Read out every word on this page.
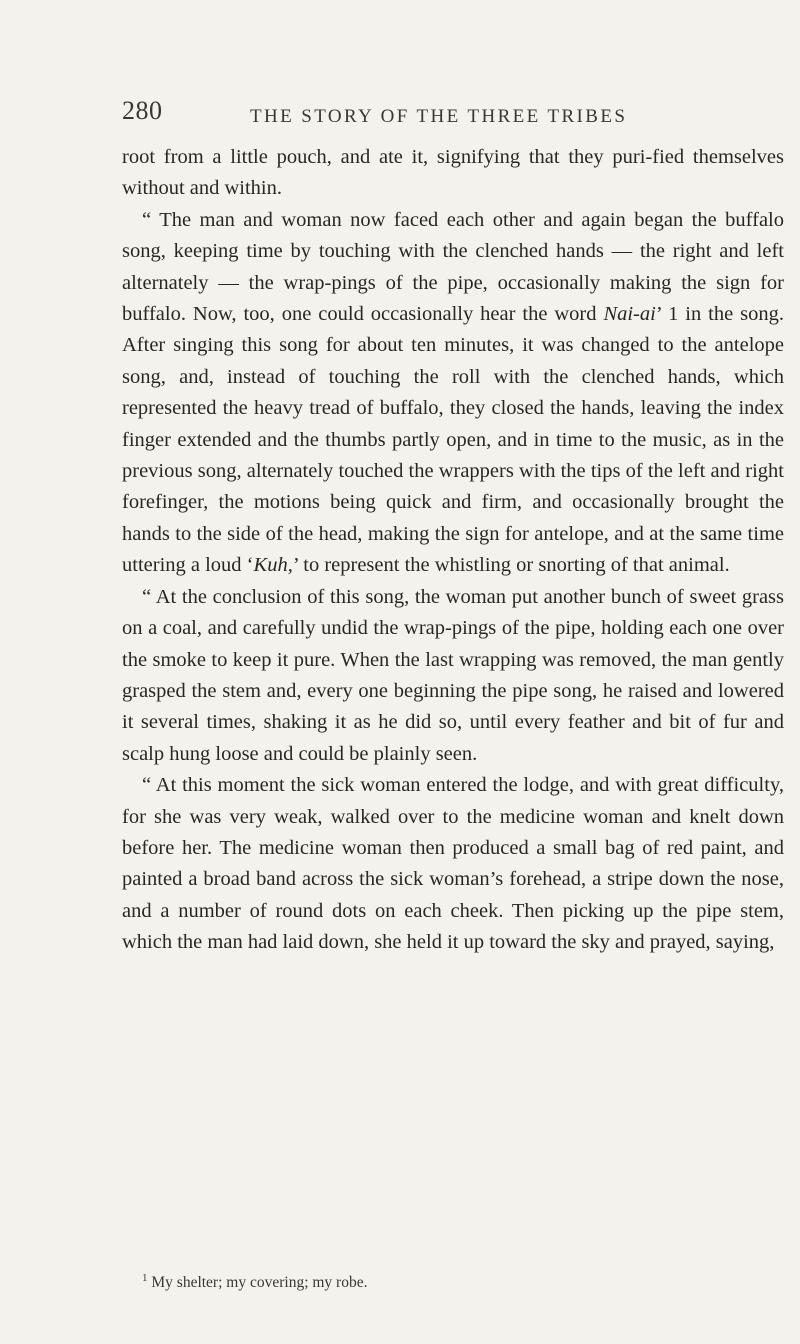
280	THE STORY OF THE THREE TRIBES

root from a little pouch, and ate it, signifying that they puri-fied themselves without and within.

“ The man and woman now faced each other and again began the buffalo song, keeping time by touching with the clenched hands — the right and left alternately — the wrap-pings of the pipe, occasionally making the sign for buffalo. Now, too, one could occasionally hear the word Nai-ai’ 1 in the song. After singing this song for about ten minutes, it was changed to the antelope song, and, instead of touching the roll with the clenched hands, which represented the heavy tread of buffalo, they closed the hands, leaving the index finger extended and the thumbs partly open, and in time to the music, as in the previous song, alternately touched the wrappers with the tips of the left and right forefinger, the motions being quick and firm, and occasionally brought the hands to the side of the head, making the sign for antelope, and at the same time uttering a loud ‘Kuh,’ to represent the whistling or snorting of that animal.

“ At the conclusion of this song, the woman put another bunch of sweet grass on a coal, and carefully undid the wrap-pings of the pipe, holding each one over the smoke to keep it pure. When the last wrapping was removed, the man gently grasped the stem and, every one beginning the pipe song, he raised and lowered it several times, shaking it as he did so, until every feather and bit of fur and scalp hung loose and could be plainly seen.

“ At this moment the sick woman entered the lodge, and with great difficulty, for she was very weak, walked over to the medicine woman and knelt down before her. The medicine woman then produced a small bag of red paint, and painted a broad band across the sick woman’s forehead, a stripe down the nose, and a number of round dots on each cheek. Then picking up the pipe stem, which the man had laid down, she held it up toward the sky and prayed, saying,

$^1$ My shelter; my covering; my robe.
